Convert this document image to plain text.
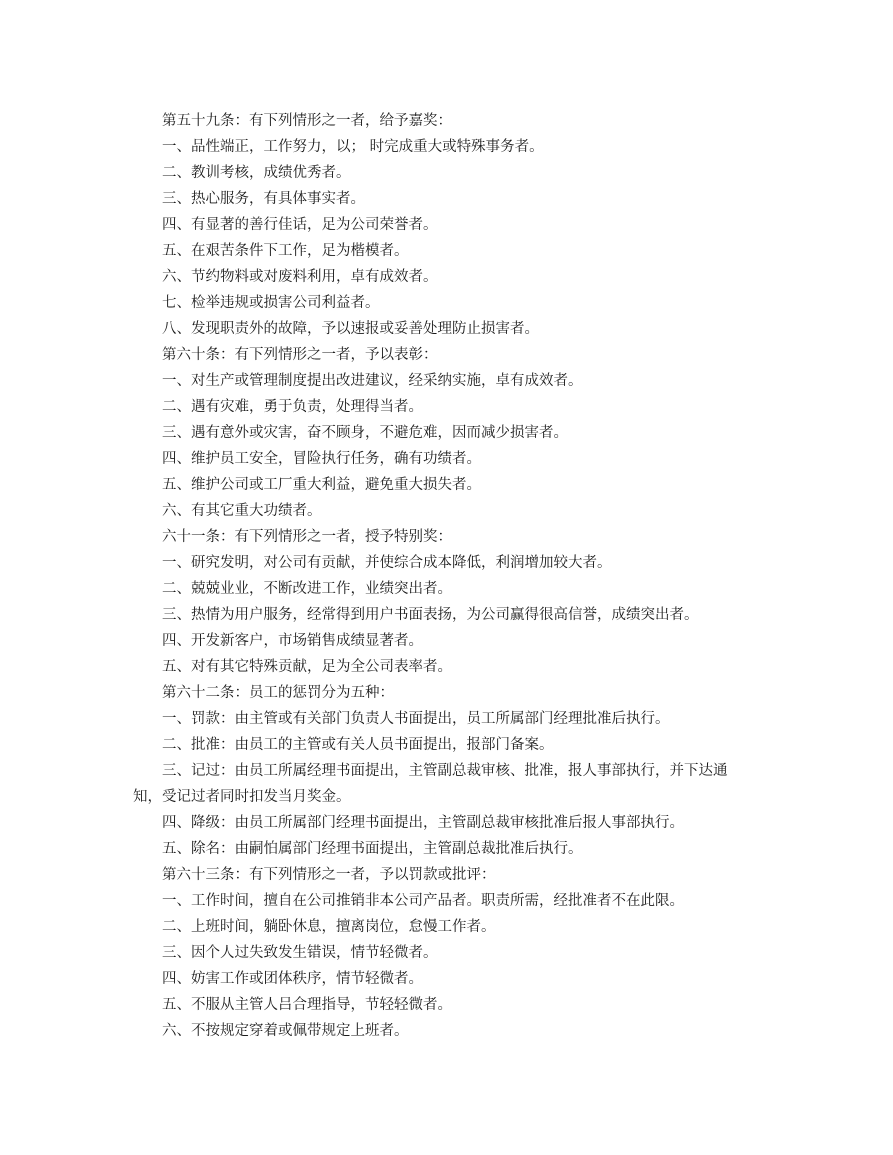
第五十九条：有下列情形之一者，给予嘉奖：
一、品性端正，工作努力，以； 时完成重大或特殊事务者。
二、教训考核，成绩优秀者。
三、热心服务，有具体事实者。
四、有显著的善行佳话，足为公司荣誉者。
五、在艰苦条件下工作，足为楷模者。
六、节约物料或对废料利用，卓有成效者。
七、检举违规或损害公司利益者。
八、发现职责外的故障，予以速报或妥善处理防止损害者。
第六十条：有下列情形之一者，予以表彰：
一、对生产或管理制度提出改进建议，经采纳实施，卓有成效者。
二、遇有灾难，勇于负责，处理得当者。
三、遇有意外或灾害，奋不顾身，不避危难，因而减少损害者。
四、维护员工安全，冒险执行任务，确有功绩者。
五、维护公司或工厂重大利益，避免重大损失者。
六、有其它重大功绩者。
六十一条：有下列情形之一者，授予特别奖：
一、研究发明，对公司有贡献，并使综合成本降低，利润增加较大者。
二、兢兢业业，不断改进工作，业绩突出者。
三、热情为用户服务，经常得到用户书面表扬，为公司赢得很高信誉，成绩突出者。
四、开发新客户，市场销售成绩显著者。
五、对有其它特殊贡献，足为全公司表率者。
第六十二条：员工的惩罚分为五种：
一、罚款：由主管或有关部门负责人书面提出，员工所属部门经理批准后执行。
二、批准：由员工的主管或有关人员书面提出，报部门备案。
三、记过：由员工所属经理书面提出，主管副总裁审核、批准，报人事部执行，并下达通
知，受记过者同时扣发当月奖金。
四、降级：由员工所属部门经理书面提出，主管副总裁审核批准后报人事部执行。
五、除名：由嗣怕属部门经理书面提出，主管副总裁批准后执行。
第六十三条：有下列情形之一者，予以罚款或批评：
一、工作时间，擅自在公司推销非本公司产品者。职责所需，经批准者不在此限。
二、上班时间，躺卧休息，擅离岗位，怠慢工作者。
三、因个人过失致发生错误，情节轻微者。
四、妨害工作或团体秩序，情节轻微者。
五、不服从主管人吕合理指导，节轻轻微者。
六、不按规定穿着或佩带规定上班者。
